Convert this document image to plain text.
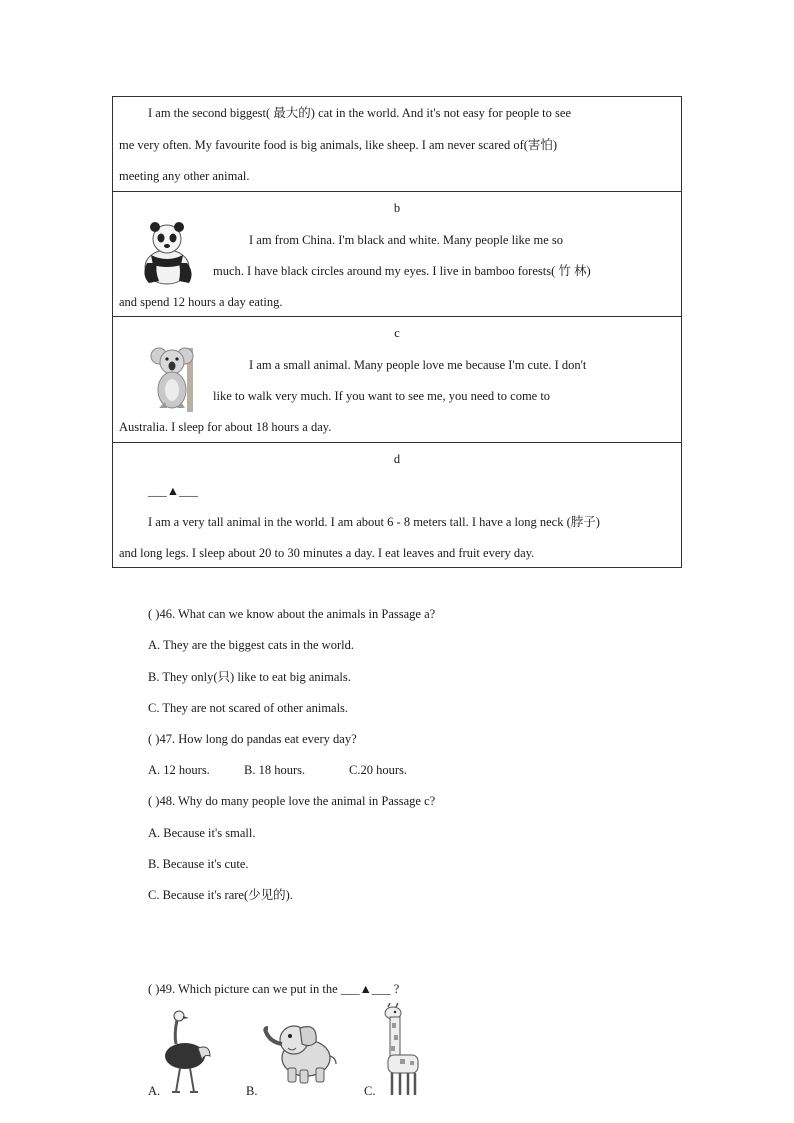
I am the second biggest( 最大的) cat in the world. And it's not easy for people to see
me very often. My favourite food is big animals, like sheep. I am never scared of(害怕)
meeting any other animal.
b
I am from China. I'm black and white. Many people like me so
much. I have black circles around my eyes. I live in bamboo forests( 竹 林)
and spend 12 hours a day eating.
c
I am a small animal. Many people love me because I'm cute. I don't
like to walk very much. If you want to see me, you need to come to
Australia. I sleep for about 18 hours a day.
d
___▲___
I am a very tall animal in the world. I am about 6 - 8 meters tall. I have a long neck (脖子)
and long legs. I sleep about 20 to 30 minutes a day. I eat leaves and fruit every day.
( )46. What can we know about the animals in Passage a?
A. They are the biggest cats in the world.
B. They only(只) like to eat big animals.
C. They are not scared of other animals.
( )47. How long do pandas eat every day?
A. 12 hours.	B. 18 hours.	C.20 hours.
( )48. Why do many people love the animal in Passage c?
A. Because it's small.
B. Because it's cute.
C. Because it's rare(少见的).
( )49. Which picture can we put in the ___▲___ ?
A.	B.	C.
